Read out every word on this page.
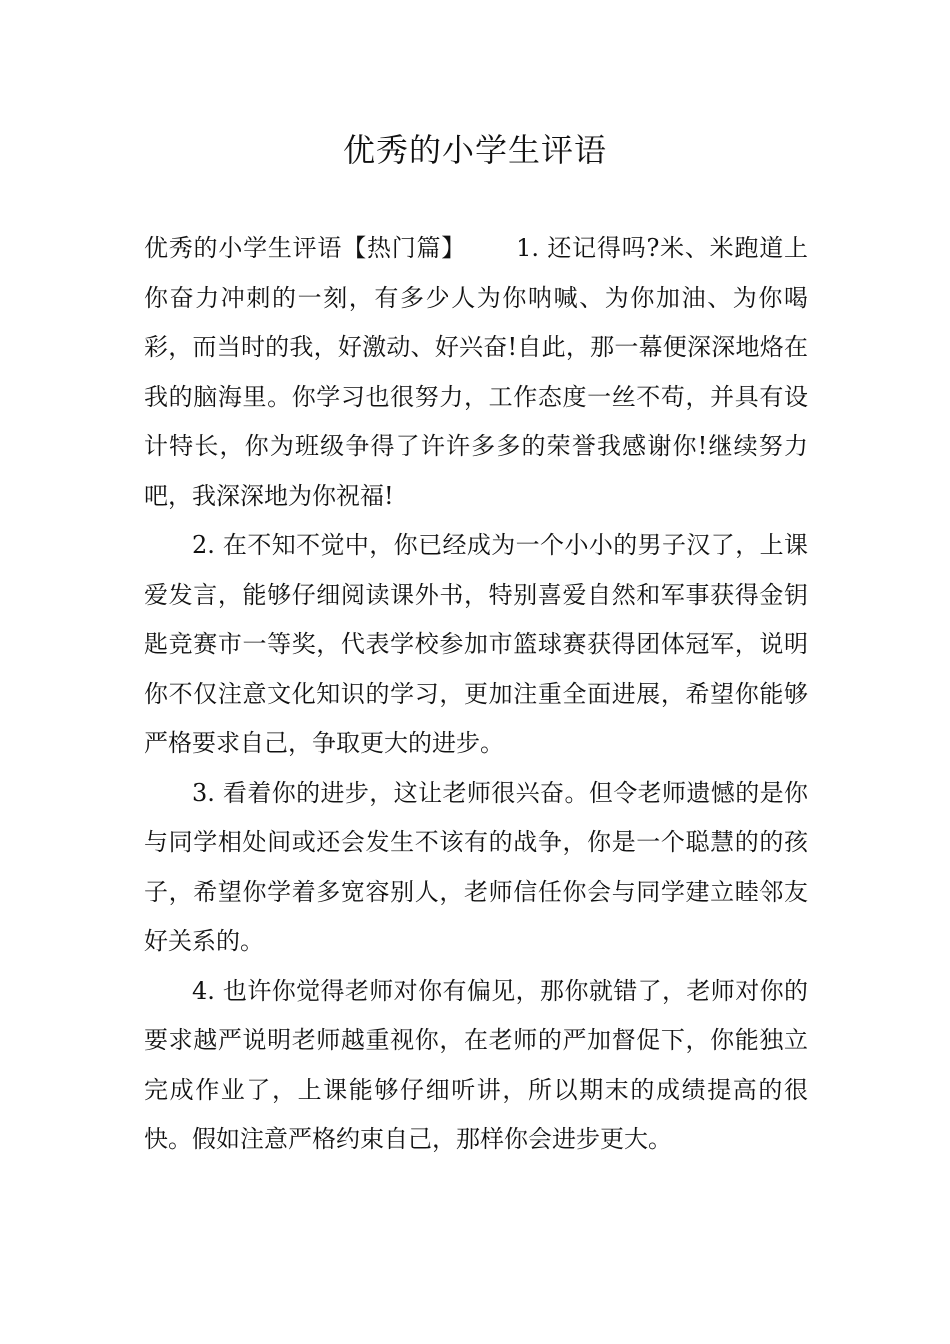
优秀的小学生评语

优秀的小学生评语【热门篇】 1. 还记得吗?米、米跑道上你奋力冲刺的一刻，有多少人为你呐喊、为你加油、为你喝彩，而当时的我，好激动、好兴奋!自此，那一幕便深深地烙在我的脑海里。你学习也很努力，工作态度一丝不苟，并具有设计特长，你为班级争得了许许多多的荣誉我感谢你!继续努力吧，我深深地为你祝福!

2. 在不知不觉中，你已经成为一个小小的男子汉了，上课爱发言，能够仔细阅读课外书，特别喜爱自然和军事获得金钥匙竞赛市一等奖，代表学校参加市篮球赛获得团体冠军，说明你不仅注意文化知识的学习，更加注重全面进展，希望你能够严格要求自己，争取更大的进步。

3. 看着你的进步，这让老师很兴奋。但令老师遗憾的是你与同学相处间或还会发生不该有的战争，你是一个聪慧的的孩子，希望你学着多宽容别人，老师信任你会与同学建立睦邻友好关系的。

4. 也许你觉得老师对你有偏见，那你就错了，老师对你的要求越严说明老师越重视你，在老师的严加督促下，你能独立完成作业了，上课能够仔细听讲，所以期末的成绩提高的很快。假如注意严格约束自己，那样你会进步更大。
